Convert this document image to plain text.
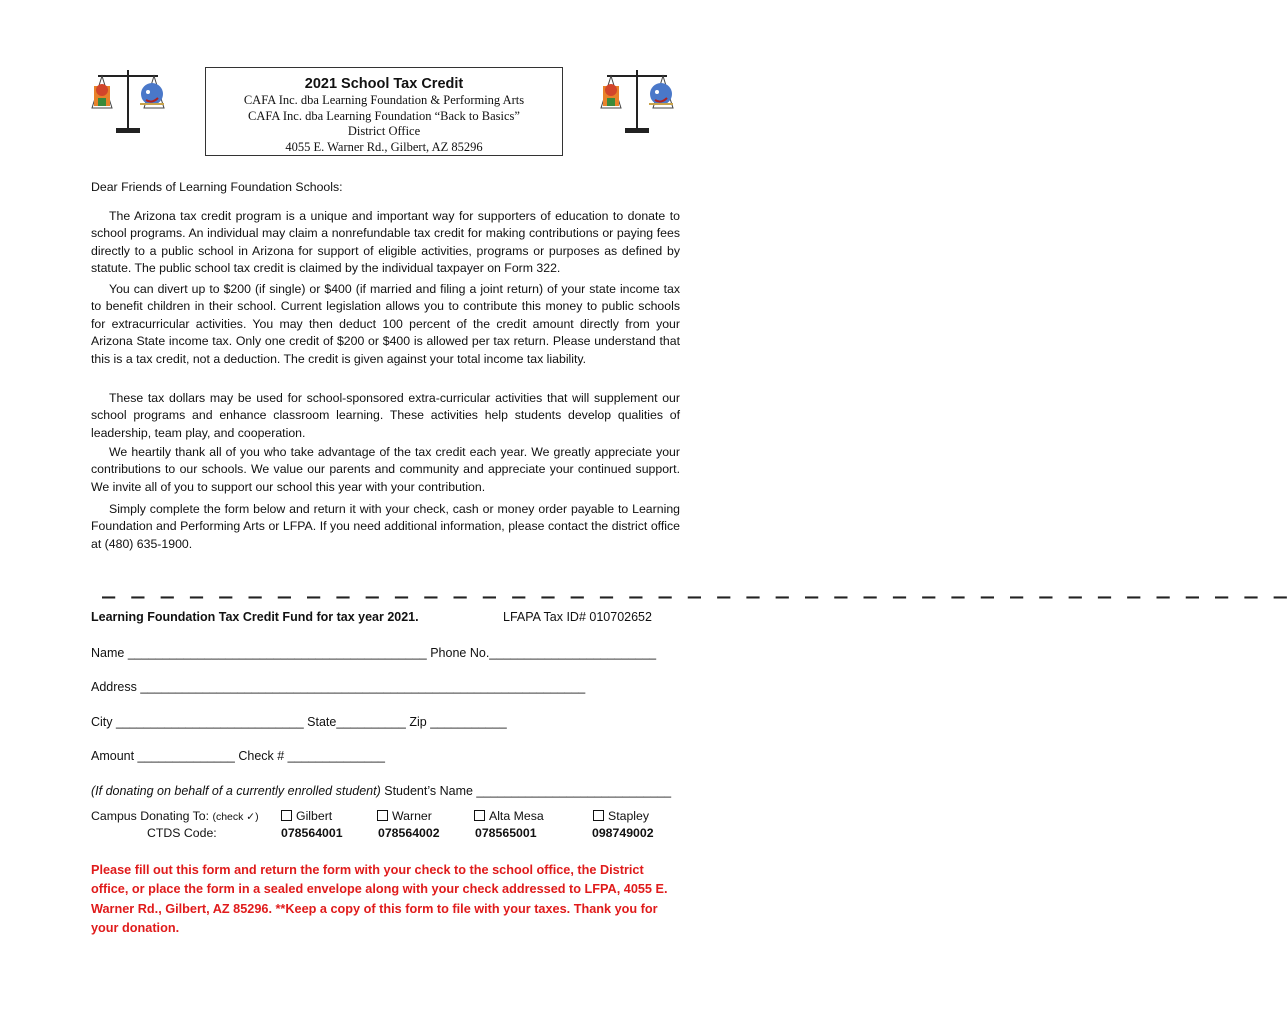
2021 School Tax Credit
CAFA Inc. dba Learning Foundation & Performing Arts
CAFA Inc. dba Learning Foundation “Back to Basics”
District Office
4055 E. Warner Rd., Gilbert, AZ 85296
Dear Friends of Learning Foundation Schools:

The Arizona tax credit program is a unique and important way for supporters of education to donate to school programs. An individual may claim a nonrefundable tax credit for making contributions or paying fees directly to a public school in Arizona for support of eligible activities, programs or purposes as defined by statute. The public school tax credit is claimed by the individual taxpayer on Form 322.

You can divert up to $200 (if single) or $400 (if married and filing a joint return) of your state income tax to benefit children in their school. Current legislation allows you to contribute this money to public schools for extracurricular activities. You may then deduct 100 percent of the credit amount directly from your Arizona State income tax. Only one credit of $200 or $400 is allowed per tax return. Please understand that this is a tax credit, not a deduction. The credit is given against your total income tax liability.

These tax dollars may be used for school-sponsored extra-curricular activities that will supplement our school programs and enhance classroom learning. These activities help students develop qualities of leadership, team play, and cooperation.

We heartily thank all of you who take advantage of the tax credit each year. We greatly appreciate your contributions to our schools. We value our parents and community and appreciate your continued support. We invite all of you to support our school this year with your contribution.

Simply complete the form below and return it with your check, cash or money order payable to Learning Foundation and Performing Arts or LFPA. If you need additional information, please contact the district office at (480) 635-1900.

_ _ _ _ _ _ _ _ _ _ _ _ _ _ _ _ _ _ _ _ _ _ _ _ _ _ _ _ _ _ _ _ _ _ _ _ _ _ _ _ _
Learning Foundation Tax Credit Fund for tax year 2021.	LFAPA Tax ID# 010702652
Name ___________________________________________ Phone No.________________________
Address ________________________________________________________________
City ___________________________ State__________ Zip ___________
Amount ______________ Check # ______________
(If donating on behalf of a currently enrolled student) Student’s Name ____________________________
Campus Donating To: (check ✓)
CTDS Code:
Gilbert
078564001
Warner
078564002
Alta Mesa
078565001
Stapley
098749002

Please fill out this form and return the form with your check to the school office, the District office, or place the form in a sealed envelope along with your check addressed to LFPA, 4055 E. Warner Rd., Gilbert, AZ 85296. **Keep a copy of this form to file with your taxes. Thank you for your donation.
